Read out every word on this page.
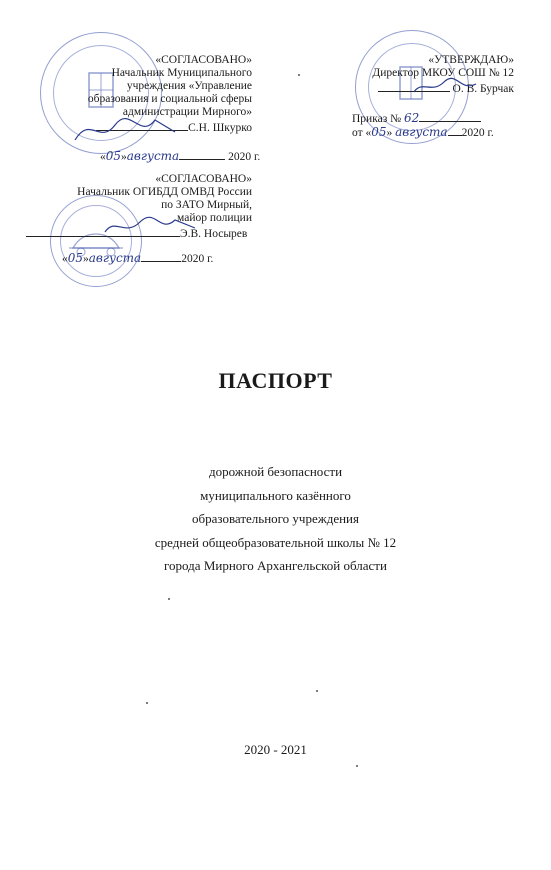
«СОГЛАСОВАНО»
Начальник Муниципального
учреждения «Управление
образования и социальной сферы
администрации Мирного»
С.Н. Шкурко
«05»августа	2020 г.
«СОГЛАСОВАНО»
Начальник ОГИБДД ОМВД России
по ЗАТО Мирный,
майор полиции
Э.В. Носырев
«05»августа	2020 г.
«УТВЕРЖДАЮ»
Директор МКОУ СОШ № 12
О. В. Бурчак
Приказ № 62
от «05» августа 2020 г.
ПАСПОРТ
дорожной безопасности
муниципального казённого
образовательного учреждения
средней общеобразовательной школы № 12
города Мирного Архангельской области
2020 - 2021
